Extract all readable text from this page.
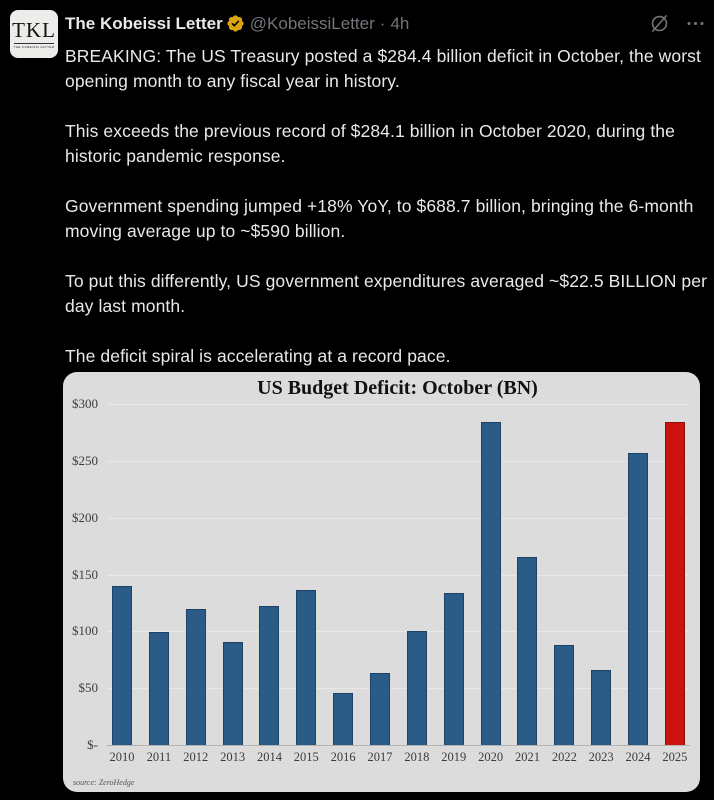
TKL
THE KOBEISSI LETTER
The Kobeissi Letter @KobeissiLetter · 4h

BREAKING: The US Treasury posted a $284.4 billion deficit in October, the worst opening month to any fiscal year in history.

This exceeds the previous record of $284.1 billion in October 2020, during the historic pandemic response.

Government spending jumped +18% YoY, to $688.7 billion, bringing the 6-month moving average up to ~$590 billion.

To put this differently, US government expenditures averaged ~$22.5 BILLION per day last month.

The deficit spiral is accelerating at a record pace.

US Budget Deficit: October (BN)
$300
$250
$200
$150
$100
$50
$-
2010 2011 2012 2013 2014 2015 2016 2017 2018 2019 2020 2021 2022 2023 2024 2025
source: ZeroHedge
